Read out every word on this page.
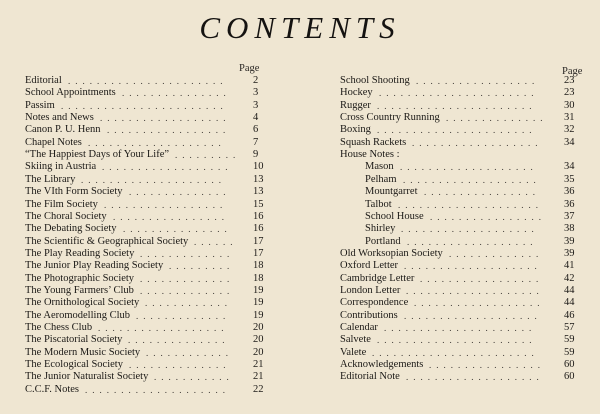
CONTENTS
Page
Editorial	2
......................
School Appointments	3
...............
Passim	3
.......................
Notes and News	4
..................
Canon P. U. Henn	6
.................
Chapel Notes	7
...................
“The Happiest Days of Your Life”	9
.........
Skiing in Austria	10
..................
The Library	13
....................
The VIth Form Society	13
..............
The Film Society	15
.................
The Choral Society	16
................
The Debating Society	16
...............
The Scientific & Geographical Society	17
......
The Play Reading Society	17
.............
The Junior Play Reading Society	18
.........
The Photographic Society	18
.............
The Young Farmers’ Club	19
.............
The Ornithological Society	19
............
The Aeromodelling Club	19
.............
The Chess Club	20
..................
The Piscatorial Society	20
..............
The Modern Music Society	20
............
The Ecological Society	21
..............
The Junior Naturalist Society	21
...........
C.C.F. Notes	22
....................
Page
School Shooting	23
.................
Hockey	23
......................
Rugger	30
......................
Cross Country Running	31
..............
Boxing	32
......................
Squash Rackets	34
..................
House Notes :
Mason	34
...................
Pelham	35
...................
Mountgarret	36
................
Talbot	36
....................
School House	37
................
Shirley	38
...................
Portland	39
..................
Old Worksopian Society	39
.............
Oxford Letter	41
...................
Cambridge Letter	42
.................
London Letter	44
...................
Correspondence	44
..................
Contributions	46
...................
Calendar	57
.....................
Salvete	59
......................
Valete	59
.......................
Acknowledgements	60
................
Editorial Note	60
...................
